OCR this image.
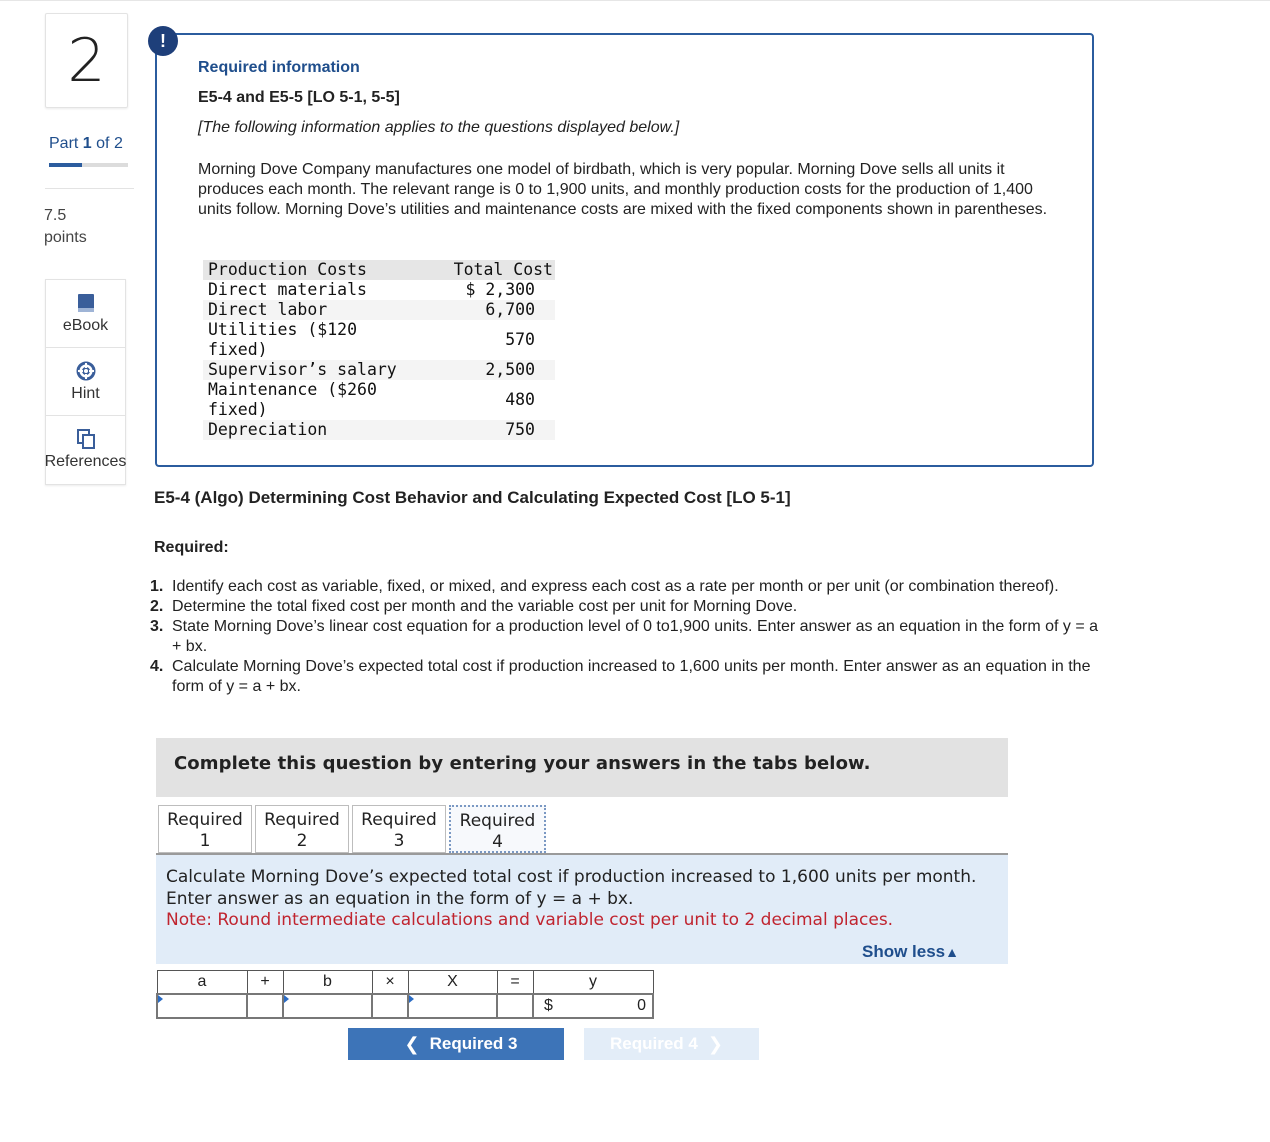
2
Part 1 of 2
7.5
points
eBook
Hint
References
!
Required information
E5-4 and E5-5 [LO 5-1, 5-5]
[The following information applies to the questions displayed below.]
Morning Dove Company manufactures one model of birdbath, which is very popular. Morning Dove sells all units it produces each month. The relevant range is 0 to 1,900 units, and monthly production costs for the production of 1,400 units follow. Morning Dove’s utilities and maintenance costs are mixed with the fixed components shown in parentheses.
Production Costs	Total Cost
Direct materials	$ 2,300
Direct labor	6,700
Utilities ($120 fixed)	570
Supervisor’s salary	2,500
Maintenance ($260 fixed)	480
Depreciation	750
E5-4 (Algo) Determining Cost Behavior and Calculating Expected Cost [LO 5-1]
Required:
1. Identify each cost as variable, fixed, or mixed, and express each cost as a rate per month or per unit (or combination thereof).
2. Determine the total fixed cost per month and the variable cost per unit for Morning Dove.
3. State Morning Dove’s linear cost equation for a production level of 0 to1,900 units. Enter answer as an equation in the form of y = a + bx.
4. Calculate Morning Dove’s expected total cost if production increased to 1,600 units per month. Enter answer as an equation in the form of y = a + bx.
Complete this question by entering your answers in the tabs below.
Required
1
Required
2
Required
3
Required
4
Calculate Morning Dove’s expected total cost if production increased to 1,600 units per month. Enter answer as an equation in the form of y = a + bx.
Note: Round intermediate calculations and variable cost per unit to 2 decimal places.
Show less▲
a	+	b	×	X	=	y

						$ 0
❮ Required 3	Required 4 ❯
